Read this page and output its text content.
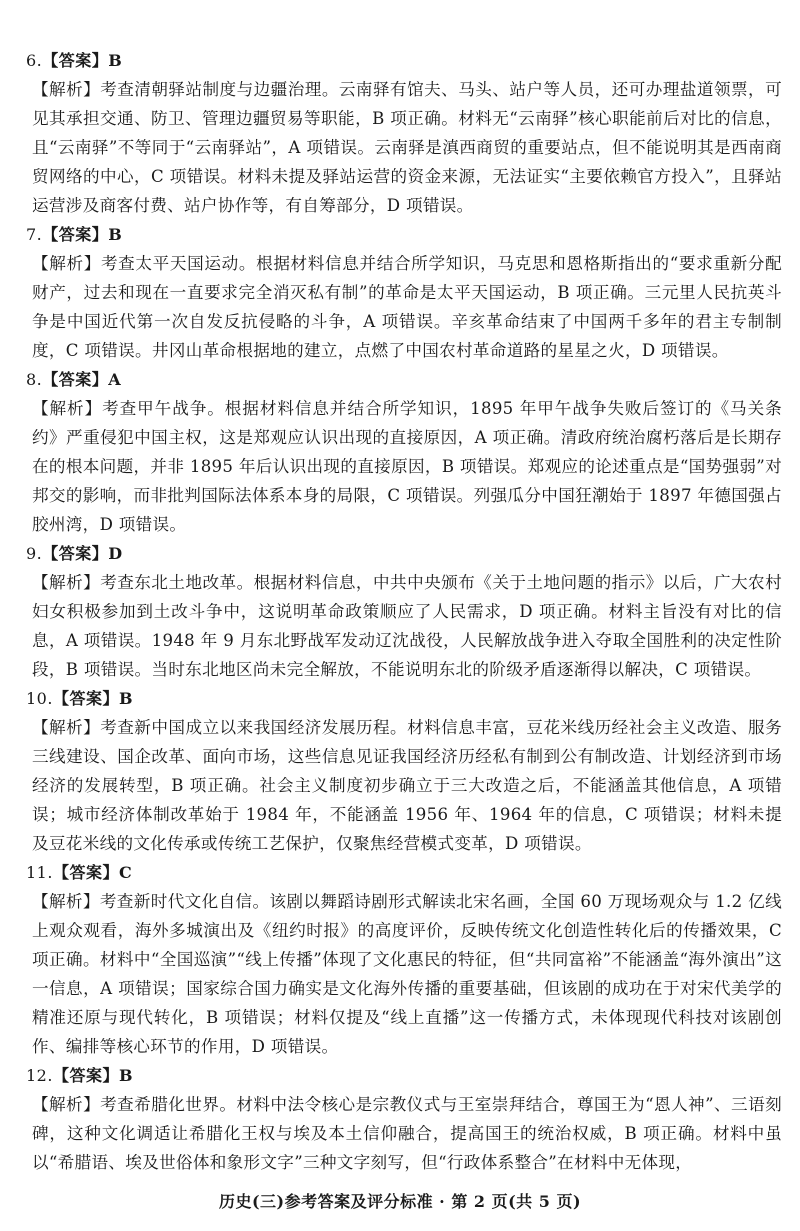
6.【答案】B
【解析】考查清朝驿站制度与边疆治理。云南驿有馆夫、马头、站户等人员，还可办理盐道领票，可见其承担交通、防卫、管理边疆贸易等职能，B 项正确。材料无“云南驿”核心职能前后对比的信息，且“云南驿”不等同于“云南驿站”，A 项错误。云南驿是滇西商贸的重要站点，但不能说明其是西南商贸网络的中心，C 项错误。材料未提及驿站运营的资金来源，无法证实“主要依赖官方投入”，且驿站运营涉及商客付费、站户协作等，有自筹部分，D 项错误。
7.【答案】B
【解析】考查太平天国运动。根据材料信息并结合所学知识，马克思和恩格斯指出的“要求重新分配财产，过去和现在一直要求完全消灭私有制”的革命是太平天国运动，B 项正确。三元里人民抗英斗争是中国近代第一次自发反抗侵略的斗争，A 项错误。辛亥革命结束了中国两千多年的君主专制制度，C 项错误。井冈山革命根据地的建立，点燃了中国农村革命道路的星星之火，D 项错误。
8.【答案】A
【解析】考查甲午战争。根据材料信息并结合所学知识，1895 年甲午战争失败后签订的《马关条约》严重侵犯中国主权，这是郑观应认识出现的直接原因，A 项正确。清政府统治腐朽落后是长期存在的根本问题，并非 1895 年后认识出现的直接原因，B 项错误。郑观应的论述重点是“国势强弱”对邦交的影响，而非批判国际法体系本身的局限，C 项错误。列强瓜分中国狂潮始于 1897 年德国强占胶州湾，D 项错误。
9.【答案】D
【解析】考查东北土地改革。根据材料信息，中共中央颁布《关于土地问题的指示》以后，广大农村妇女积极参加到土改斗争中，这说明革命政策顺应了人民需求，D 项正确。材料主旨没有对比的信息，A 项错误。1948 年 9 月东北野战军发动辽沈战役，人民解放战争进入夺取全国胜利的决定性阶段，B 项错误。当时东北地区尚未完全解放，不能说明东北的阶级矛盾逐渐得以解决，C 项错误。
10.【答案】B
【解析】考查新中国成立以来我国经济发展历程。材料信息丰富，豆花米线历经社会主义改造、服务三线建设、国企改革、面向市场，这些信息见证我国经济历经私有制到公有制改造、计划经济到市场经济的发展转型，B 项正确。社会主义制度初步确立于三大改造之后，不能涵盖其他信息，A 项错误；城市经济体制改革始于 1984 年，不能涵盖 1956 年、1964 年的信息，C 项错误；材料未提及豆花米线的文化传承或传统工艺保护，仅聚焦经营模式变革，D 项错误。
11.【答案】C
【解析】考查新时代文化自信。该剧以舞蹈诗剧形式解读北宋名画，全国 60 万现场观众与 1.2 亿线上观众观看，海外多城演出及《纽约时报》的高度评价，反映传统文化创造性转化后的传播效果，C 项正确。材料中“全国巡演”“线上传播”体现了文化惠民的特征，但“共同富裕”不能涵盖“海外演出”这一信息，A 项错误；国家综合国力确实是文化海外传播的重要基础，但该剧的成功在于对宋代美学的精准还原与现代转化，B 项错误；材料仅提及“线上直播”这一传播方式，未体现现代科技对该剧创作、编排等核心环节的作用，D 项错误。
12.【答案】B
【解析】考查希腊化世界。材料中法令核心是宗教仪式与王室崇拜结合，尊国王为“恩人神”、三语刻碑，这种文化调适让希腊化王权与埃及本土信仰融合，提高国王的统治权威，B 项正确。材料中虽以“希腊语、埃及世俗体和象形文字”三种文字刻写，但“行政体系整合”在材料中无体现，
历史(三)参考答案及评分标准 · 第 2 页(共 5 页)
